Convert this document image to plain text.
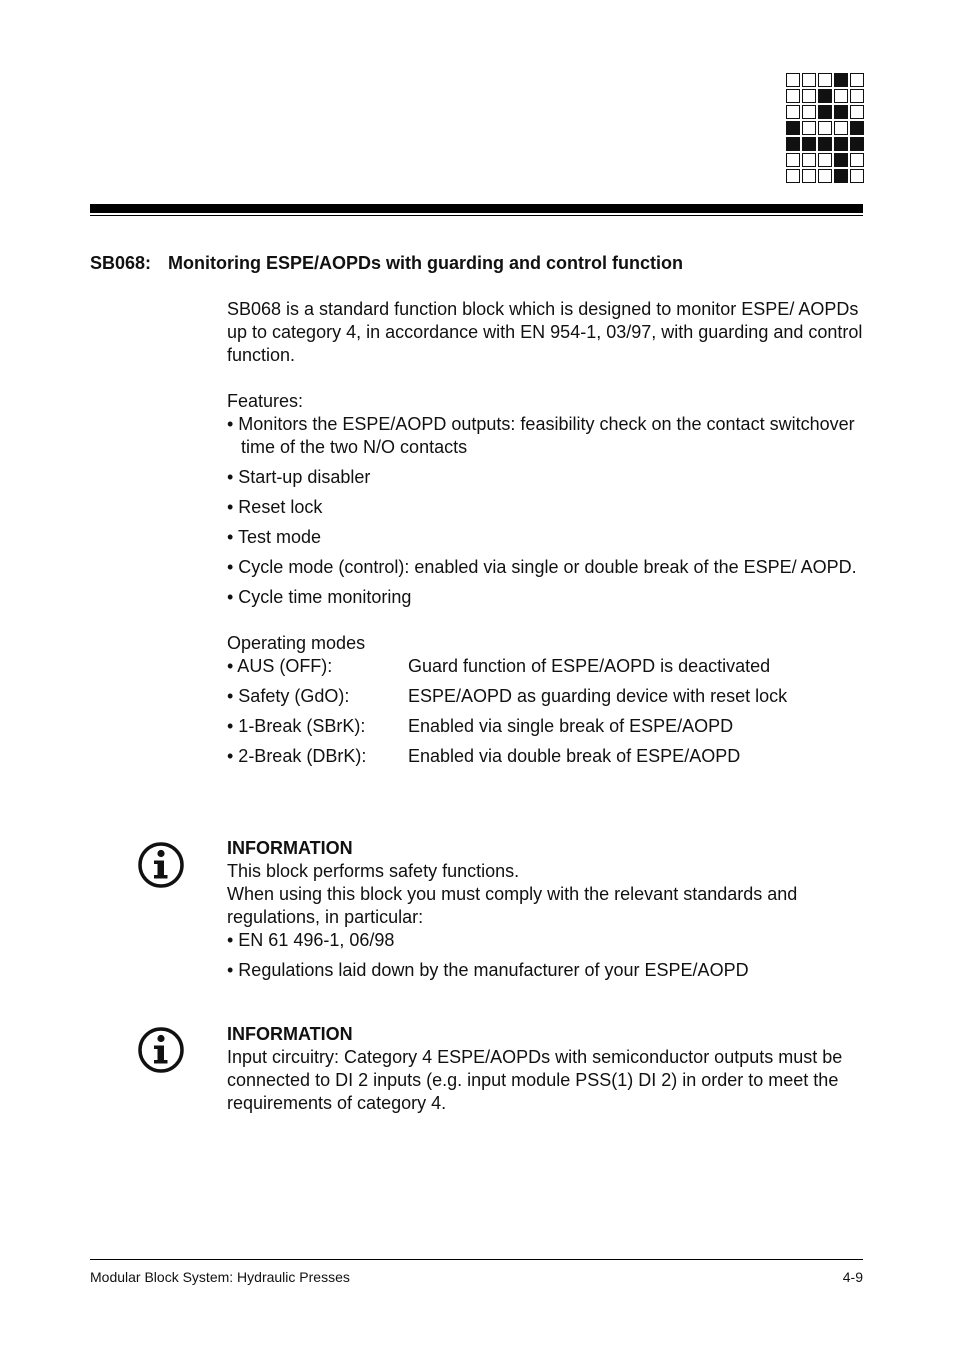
SB068: Monitoring ESPE/AOPDs with guarding and control function

SB068 is a standard function block which is designed to monitor ESPE/ AOPDs up to category 4, in accordance with EN 954-1, 03/97, with guarding and control function.

Features:

• Monitors the ESPE/AOPD outputs: feasibility check on the contact switchover time of the two N/O contacts
• Start-up disabler
• Reset lock
• Test mode
• Cycle mode (control): enabled via single or double break of the ESPE/ AOPD.
• Cycle time monitoring

Operating modes

• AUS (OFF):	Guard function of ESPE/AOPD is deactivated
• Safety (GdO):	ESPE/AOPD as guarding device with reset lock
• 1-Break (SBrK):	Enabled via single break of ESPE/AOPD
• 2-Break (DBrK):	Enabled via double break of ESPE/AOPD

INFORMATION

This block performs safety functions.

When using this block you must comply with the relevant standards and regulations, in particular:

• EN 61 496-1, 06/98
• Regulations laid down by the manufacturer of your ESPE/AOPD

INFORMATION

Input circuitry: Category 4 ESPE/AOPDs with semiconductor outputs must be connected to DI 2 inputs (e.g. input module PSS(1) DI 2) in order to meet the requirements of category 4.

Modular Block System: Hydraulic Presses	4-9
